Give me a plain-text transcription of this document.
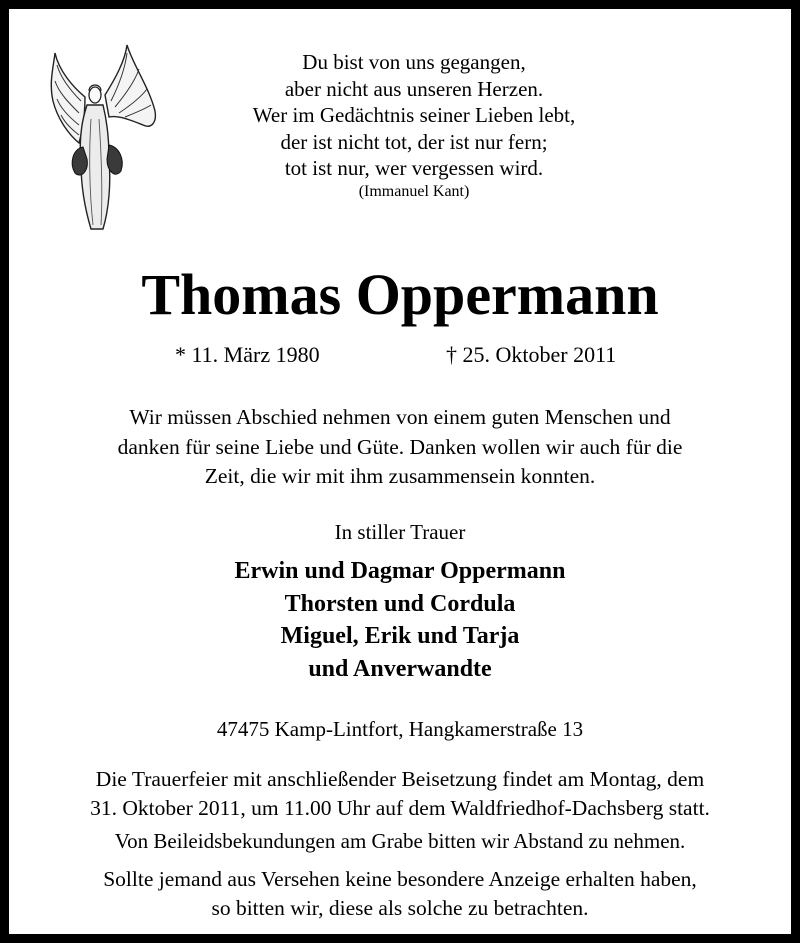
Du bist von uns gegangen,
aber nicht aus unseren Herzen.
Wer im Gedächtnis seiner Lieben lebt,
der ist nicht tot, der ist nur fern;
tot ist nur, wer vergessen wird.
(Immanuel Kant)
Thomas Oppermann
* 11. März 1980	† 25. Oktober 2011
Wir müssen Abschied nehmen von einem guten Menschen und
danken für seine Liebe und Güte. Danken wollen wir auch für die
Zeit, die wir mit ihm zusammensein konnten.
In stiller Trauer
Erwin und Dagmar Oppermann
Thorsten und Cordula
Miguel, Erik und Tarja
und Anverwandte
47475 Kamp-Lintfort, Hangkamerstraße 13
Die Trauerfeier mit anschließender Beisetzung findet am Montag, dem
31. Oktober 2011, um 11.00 Uhr auf dem Waldfriedhof-Dachsberg statt.
Von Beileidsbekundungen am Grabe bitten wir Abstand zu nehmen.
Sollte jemand aus Versehen keine besondere Anzeige erhalten haben,
so bitten wir, diese als solche zu betrachten.
